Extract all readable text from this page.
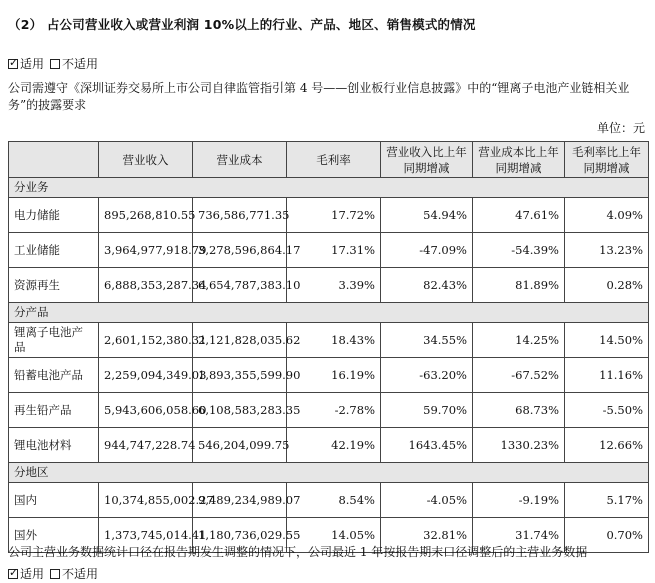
（2） 占公司营业收入或营业利润 10%以上的行业、产品、地区、销售模式的情况
✓适用 不适用
公司需遵守《深圳证券交易所上市公司自律监管指引第 4 号——创业板行业信息披露》中的“锂离子电池产业链相关业务”的披露要求
单位：元
	营业收入	营业成本	毛利率	营业收入比上年同期增减	营业成本比上年同期增减	毛利率比上年同期增减
分业务						
电力储能	895,268,810.55	736,586,771.35	17.72%	54.94%	47.61%	4.09%
工业储能	3,964,977,918.79	3,278,596,864.17	17.31%	-47.09%	-54.39%	13.23%
资源再生	6,888,353,287.34	6,654,787,383.10	3.39%	82.43%	81.89%	0.28%
分产品						
锂离子电池产品	2,601,152,380.31	2,121,828,035.62	18.43%	34.55%	14.25%	14.50%
铅蓄电池产品	2,259,094,349.03	1,893,355,599.90	16.19%	-63.20%	-67.52%	11.16%
再生铅产品	5,943,606,058.60	6,108,583,283.35	-2.78%	59.70%	68.73%	-5.50%
锂电池材料	944,747,228.74	546,204,099.75	42.19%	1643.45%	1330.23%	12.66%
分地区						
国内	10,374,855,002.27	9,489,234,989.07	8.54%	-4.05%	-9.19%	5.17%
国外	1,373,745,014.41	1,180,736,029.55	14.05%	32.81%	31.74%	0.70%
公司主营业务数据统计口径在报告期发生调整的情况下，公司最近 1 年按报告期末口径调整后的主营业务数据
✓适用 不适用
